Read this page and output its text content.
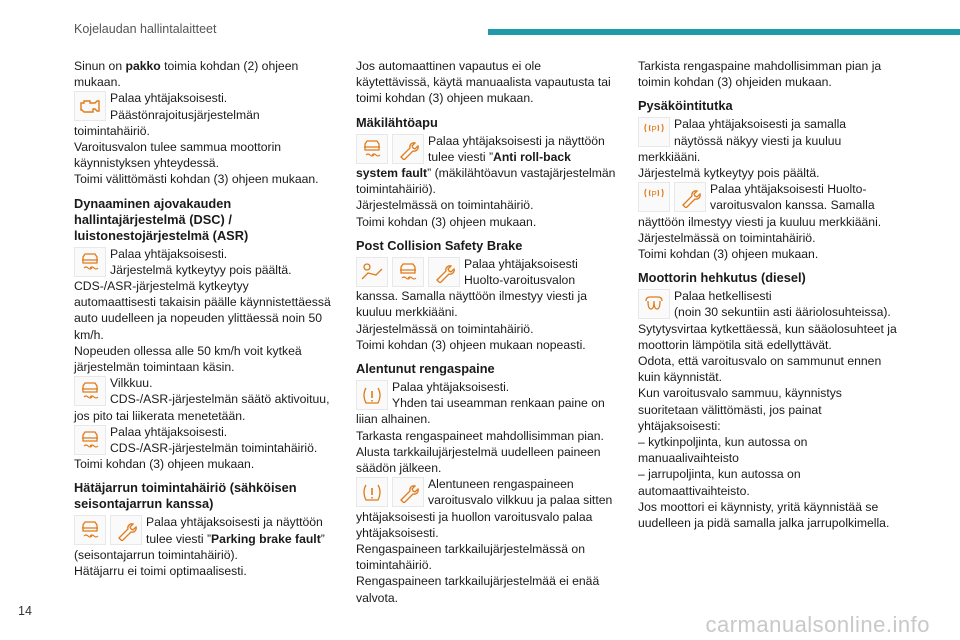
Kojelaudan hallintalaitteet

Sinun on pakko toimia kohdan (2) ohjeen mukaan.

Palaa yhtäjaksoisesti.
Päästönrajoitusjärjestelmän

toimintahäiriö.
Varoitusvalon tulee sammua moottorin käynnistyksen yhteydessä.
Toimi välittömästi kohdan (3) ohjeen mukaan.

Dynaaminen ajovakauden hallintajärjestelmä (DSC) / luistonestojärjestelmä (ASR)
Palaa yhtäjaksoisesti.
Järjestelmä kytkeytyy pois päältä.

CDS-/ASR-järjestelmä kytkeytyy automaattisesti takaisin päälle käynnistettäessä auto uudelleen ja nopeuden ylittäessä noin 50 km/h.
Nopeuden ollessa alle 50 km/h voit kytkeä järjestelmän toimintaan käsin.

Vilkkuu.
CDS-/ASR-järjestelmän säätö aktivoituu,

jos pito tai liikerata menetetään.

Palaa yhtäjaksoisesti.
CDS-/ASR-järjestelmän toimintahäiriö.

Toimi kohdan (3) ohjeen mukaan.

Hätäjarrun toimintahäiriö (sähköisen seisontajarrun kanssa)
Palaa yhtäjaksoisesti ja näyttöön tulee viesti ”Parking brake fault”

(seisontajarrun toimintahäiriö).
Hätäjarru ei toimi optimaalisesti.

Jos automaattinen vapautus ei ole käytettävissä, käytä manuaalista vapautusta tai toimi kohdan (3) ohjeen mukaan.

Mäkilähtöapu
Palaa yhtäjaksoisesti ja näyttöön tulee viesti ”Anti roll-back system fault” (mäkilähtöavun vastajärjestelmän toimintahäiriö).
Järjestelmässä on toimintahäiriö.
Toimi kohdan (3) ohjeen mukaan.
Post Collision Safety Brake
Palaa yhtäjaksoisesti Huolto-varoitusvalon

kanssa. Samalla näyttöön ilmestyy viesti ja kuuluu merkkiääni.
Järjestelmässä on toimintahäiriö.
Toimi kohdan (3) ohjeen mukaan nopeasti.

Alentunut rengaspaine
Palaa yhtäjaksoisesti.
Yhden tai useamman renkaan paine on

liian alhainen.
Tarkasta rengaspaineet mahdollisimman pian.
Alusta tarkkailujärjestelmä uudelleen paineen säädön jälkeen.

Alentuneen rengaspaineen varoitusvalo vilkkuu ja palaa sitten

yhtäjaksoisesti ja huollon varoitusvalo palaa yhtäjaksoisesti.
Rengaspaineen tarkkailujärjestelmässä on toimintahäiriö.
Rengaspaineen tarkkailujärjestelmää ei enää valvota.

Tarkista rengaspaine mahdollisimman pian ja toimin kohdan (3) ohjeiden mukaan.

Pysäköintitutka
Palaa yhtäjaksoisesti ja samalla näytössä näkyy viesti ja kuuluu merkkiääni.

Järjestelmä kytkeytyy pois päältä.

Palaa yhtäjaksoisesti Huolto-varoitusvalon kanssa. Samalla

näyttöön ilmestyy viesti ja kuuluu merkkiääni.
Järjestelmässä on toimintahäiriö.
Toimi kohdan (3) ohjeen mukaan.

Moottorin hehkutus (diesel)
Palaa hetkellisesti
(noin 30 sekuntiin asti ääriolosuhteissa).

Sytytysvirtaa kytkettäessä, kun sääolosuhteet ja moottorin lämpötila sitä edellyttävät.
Odota, että varoitusvalo on sammunut ennen kuin käynnistät.
Kun varoitusvalo sammuu, käynnistys suoritetaan välittömästi, jos painat yhtäjaksoisesti:
– kytkinpoljinta, kun autossa on manuaalivaihteisto
– jarrupoljinta, kun autossa on automaattivaihteisto.
Jos moottori ei käynnisty, yritä käynnistää se uudelleen ja pidä samalla jalka jarrupolkimella.

14
carmanualsonline.info
